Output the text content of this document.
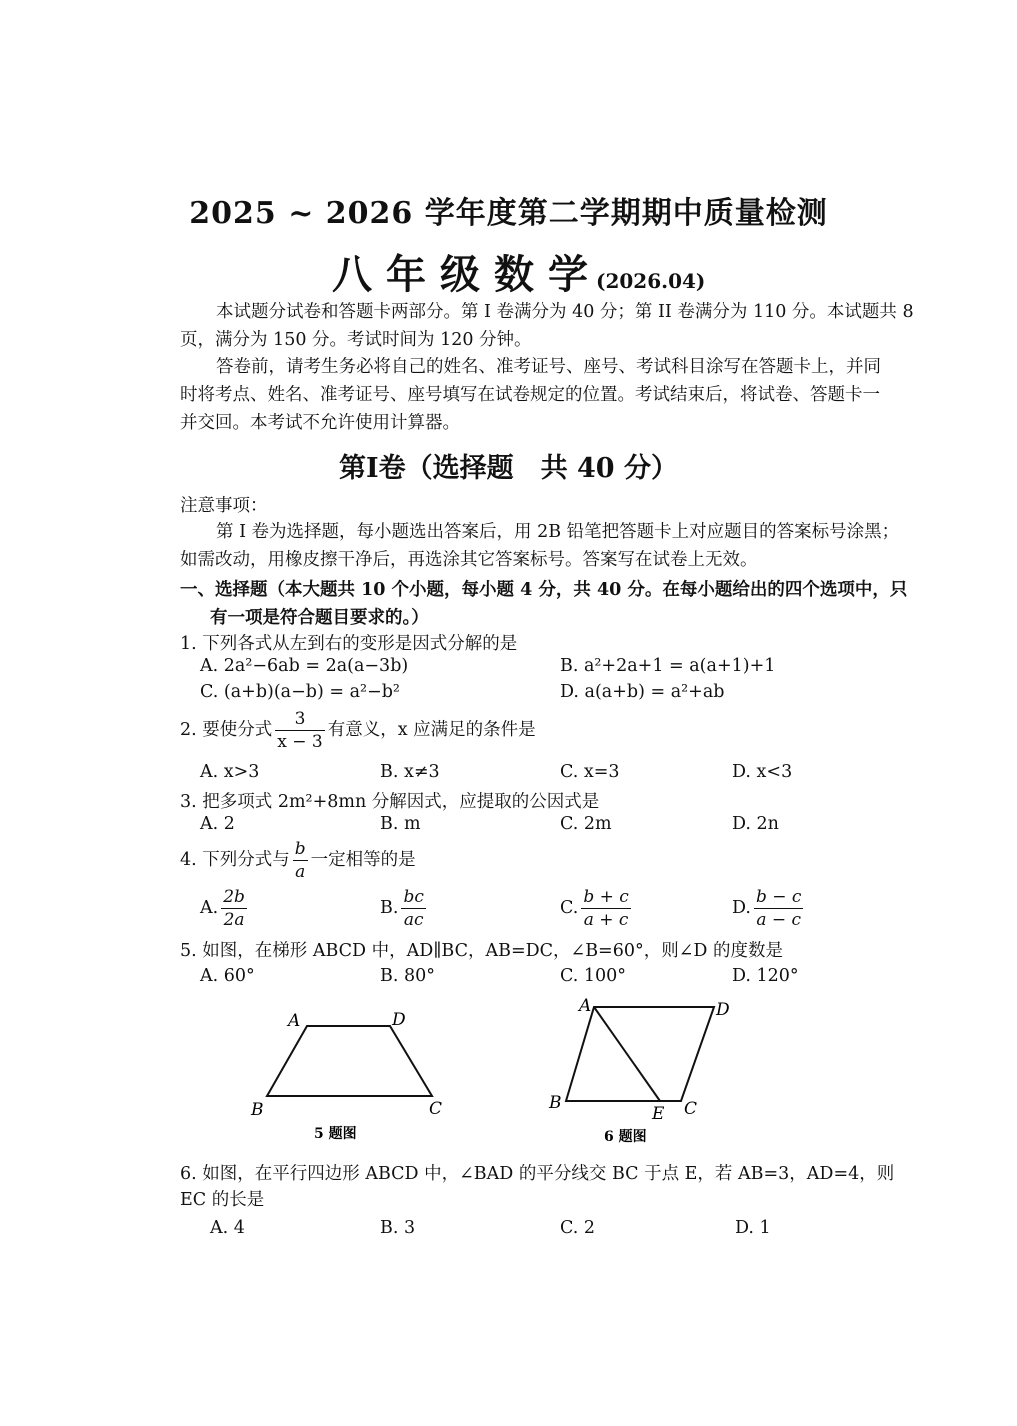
2025 ~ 2026 学年度第二学期期中质量检测
八年级数学(2026.04)
本试题分试卷和答题卡两部分。第 I 卷满分为 40 分；第 II 卷满分为 110 分。本试题共 8
页，满分为 150 分。考试时间为 120 分钟。
答卷前，请考生务必将自己的姓名、准考证号、座号、考试科目涂写在答题卡上，并同
时将考点、姓名、准考证号、座号填写在试卷规定的位置。考试结束后，将试卷、答题卡一
并交回。本考试不允许使用计算器。
第Ⅰ卷（选择题　共 40 分）
注意事项：
第 I 卷为选择题，每小题选出答案后，用 2B 铅笔把答题卡上对应题目的答案标号涂黑；
如需改动，用橡皮擦干净后，再选涂其它答案标号。答案写在试卷上无效。
一、选择题（本大题共 10 个小题，每小题 4 分，共 40 分。在每小题给出的四个选项中，只
有一项是符合题目要求的。）
1. 下列各式从左到右的变形是因式分解的是
A. 2a²−6ab = 2a(a−3b)	B. a²+2a+1 = a(a+1)+1
C. (a+b)(a−b) = a²−b²	D. a(a+b) = a²+ab
2. 要使分式 $\frac{3}{x - 3}$ 有意义，x 应满足的条件是
A. x>3	B. x≠3	C. x=3	D. x<3
3. 把多项式 2m²+8mn 分解因式，应提取的公因式是
A. 2	B. m	C. 2m	D. 2n
4. 下列分式与 $\frac{b}{a}$ 一定相等的是
A. $\frac{2b}{2a}$	B. $\frac{bc}{ac}$	C. $\frac{b + c}{a + c}$	D. $\frac{b - c}{a - c}$
5. 如图，在梯形 ABCD 中，AD∥BC，AB=DC，∠B=60°，则∠D 的度数是
A. 60°	B. 80°	C. 100°	D. 120°
A	D
B	C
5 题图
A	D
B
E C
6 题图
6. 如图，在平行四边形 ABCD 中，∠BAD 的平分线交 BC 于点 E，若 AB=3，AD=4，则
EC 的长是
A. 4	B. 3	C. 2	D. 1
